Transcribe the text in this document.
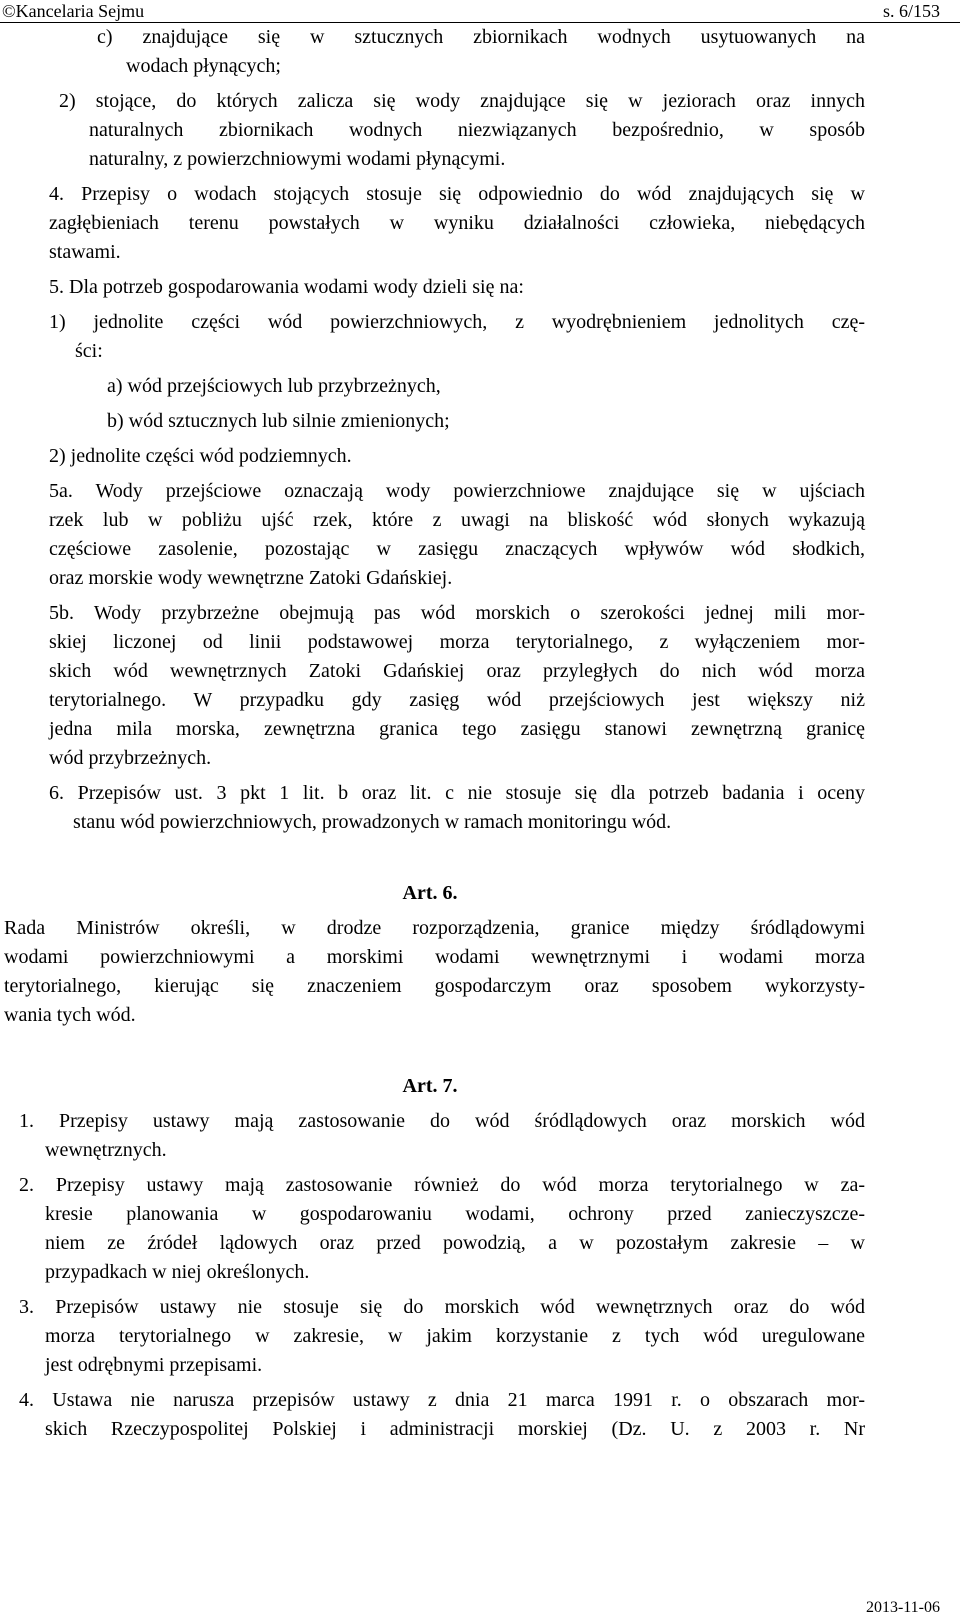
©Kancelaria Sejmu	s. 6/153
c) znajdujące się w sztucznych zbiornikach wodnych usytuowanych na
wodach płynących;
2) stojące, do których zalicza się wody znajdujące się w jeziorach oraz innych
naturalnych zbiornikach wodnych niezwiązanych bezpośrednio, w sposób
naturalny, z powierzchniowymi wodami płynącymi.
4. Przepisy o wodach stojących stosuje się odpowiednio do wód znajdujących się w
zagłębieniach terenu powstałych w wyniku działalności człowieka, niebędących
stawami.
5. Dla potrzeb gospodarowania wodami wody dzieli się na:
1) jednolite części wód powierzchniowych, z wyodrębnieniem jednolitych czę-
ści:
a) wód przejściowych lub przybrzeżnych,
b) wód sztucznych lub silnie zmienionych;
2) jednolite części wód podziemnych.
5a. Wody przejściowe oznaczają wody powierzchniowe znajdujące się w ujściach
rzek lub w pobliżu ujść rzek, które z uwagi na bliskość wód słonych wykazują
częściowe zasolenie, pozostając w zasięgu znaczących wpływów wód słodkich,
oraz morskie wody wewnętrzne Zatoki Gdańskiej.
5b. Wody przybrzeżne obejmują pas wód morskich o szerokości jednej mili mor-
skiej liczonej od linii podstawowej morza terytorialnego, z wyłączeniem mor-
skich wód wewnętrznych Zatoki Gdańskiej oraz przyległych do nich wód morza
terytorialnego. W przypadku gdy zasięg wód przejściowych jest większy niż
jedna mila morska, zewnętrzna granica tego zasięgu stanowi zewnętrzną granicę
wód przybrzeżnych.
6. Przepisów ust. 3 pkt 1 lit. b oraz lit. c nie stosuje się dla potrzeb badania i oceny
stanu wód powierzchniowych, prowadzonych w ramach monitoringu wód.
Art. 6.
Rada Ministrów określi, w drodze rozporządzenia, granice między śródlądowymi
wodami powierzchniowymi a morskimi wodami wewnętrznymi i wodami morza
terytorialnego, kierując się znaczeniem gospodarczym oraz sposobem wykorzysty-
wania tych wód.
Art. 7.
1. Przepisy ustawy mają zastosowanie do wód śródlądowych oraz morskich wód
wewnętrznych.
2. Przepisy ustawy mają zastosowanie również do wód morza terytorialnego w za-
kresie planowania w gospodarowaniu wodami, ochrony przed zanieczyszcze-
niem ze źródeł lądowych oraz przed powodzią, a w pozostałym zakresie – w
przypadkach w niej określonych.
3. Przepisów ustawy nie stosuje się do morskich wód wewnętrznych oraz do wód
morza terytorialnego w zakresie, w jakim korzystanie z tych wód uregulowane
jest odrębnymi przepisami.
4. Ustawa nie narusza przepisów ustawy z dnia 21 marca 1991 r. o obszarach mor-
skich Rzeczypospolitej Polskiej i administracji morskiej (Dz. U. z 2003 r. Nr
2013-11-06
